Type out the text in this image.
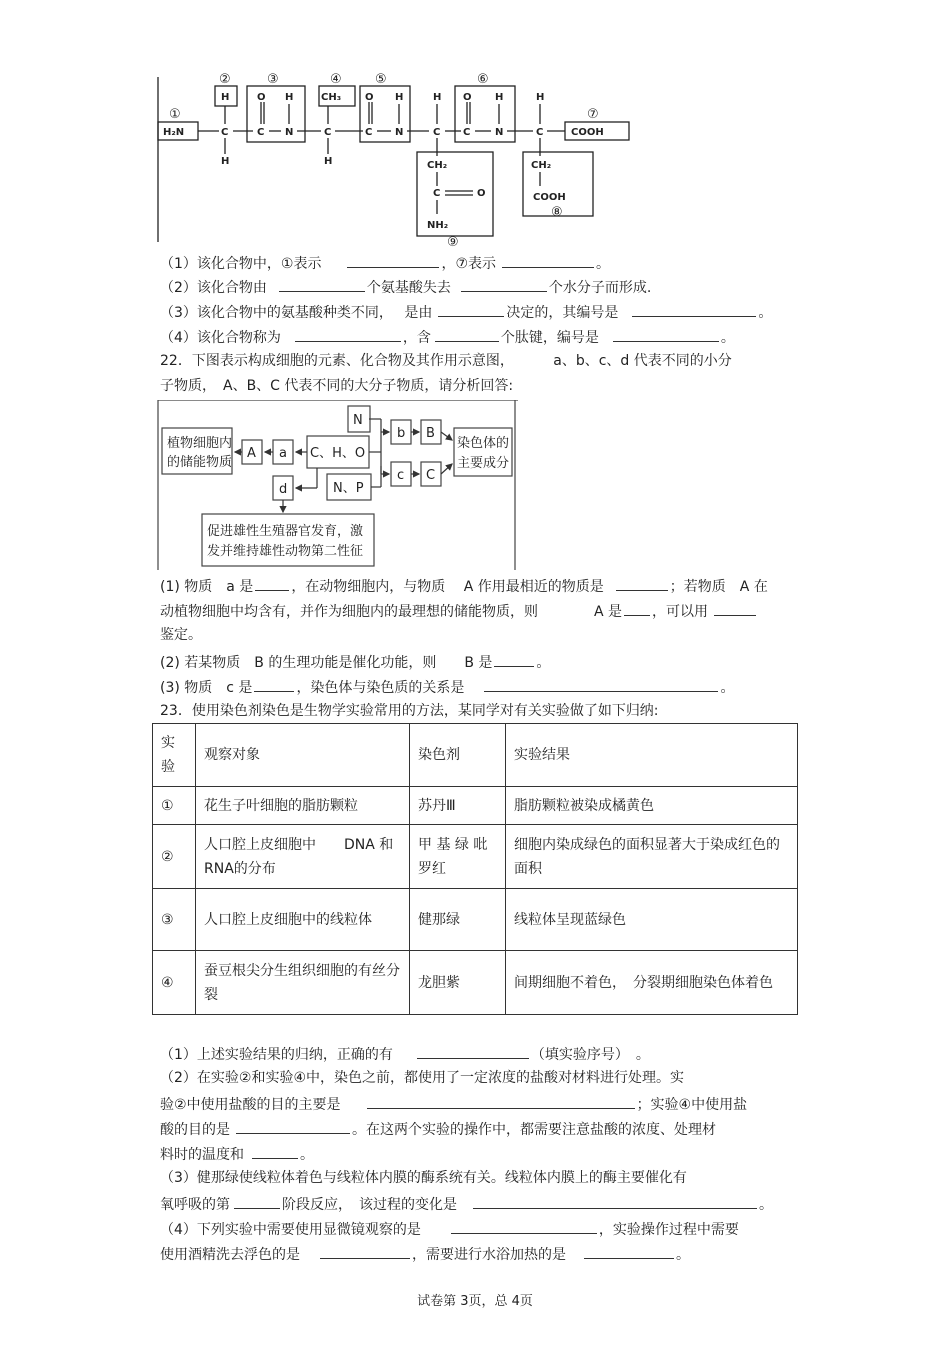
H₂N
H
H
C
O H
C N
CH₃
C
H
O H
C N
H
C
O H
C N
H
C	COOH
CH₂
C	O
NH₂
CH₂
COOH
①
②	③	④	⑤	⑥
⑦
⑧
⑨
（1）该化合物中，①表示	，⑦表示	。
（2）该化合物由	个氨基酸失去	个水分子而形成.
（3）该化合物中的氨基酸种类不同，　 是由	决定的，其编号是	。
（4）该化合物称为	，含	个肽键，编号是	。
22．下图表示构成细胞的元素、化合物及其作用示意图，　　　 a、b、c、d 代表不同的小分
子物质，　A、B、C 代表不同的大分子物质，请分析回答:
植物细胞内
的储能物质
A a C、H、O
N
b B
c C
d	N、P
染色体的
主要成分
促进雄性生殖器官发育，激
发并维持雄性动物第二性征
(1) 物质　a 是	，在动物细胞内，与物质　 A 作用最相近的物质是	；若物质　A 在
动植物细胞中均含有，并作为细胞内的最理想的储能物质，则　　　　A 是 ，可以用
鉴定。
(2) 若某物质　B 的生理功能是催化功能，则　　B 是	。
(3) 物质　c 是	，染色体与染色质的关系是	。
23．使用染色剂染色是生物学实验常用的方法，某同学对有关实验做了如下归纳:
实验	观察对象	染色剂	实验结果
①	花生子叶细胞的脂肪颗粒	苏丹Ⅲ	脂肪颗粒被染成橘黄色
②	人口腔上皮细胞中　　DNA 和 RNA的分布	甲 基 绿 吡 罗红	细胞内染成绿色的面积显著大于染成红色的面积
③	人口腔上皮细胞中的线粒体	健那绿	线粒体呈现蓝绿色
④	蚕豆根尖分生组织细胞的有丝分裂	龙胆紫	间期细胞不着色，　分裂期细胞染色体着色
（1）上述实验结果的归纳，正确的有	（填实验序号）　。
（2）在实验②和实验④中，染色之前，都使用了一定浓度的盐酸对材料进行处理。实
验②中使用盐酸的目的主要是	；实验④中使用盐
酸的目的是	。在这两个实验的操作中，都需要注意盐酸的浓度、处理材
料时的温度和	。
（3）健那绿使线粒体着色与线粒体内膜的酶系统有关。线粒体内膜上的酶主要催化有
氧呼吸的第	阶段反应，　该过程的变化是	。
（4）下列实验中需要使用显微镜观察的是	，实验操作过程中需要
使用酒精洗去浮色的是	，需要进行水浴加热的是	。
试卷第 3页，总 4页
